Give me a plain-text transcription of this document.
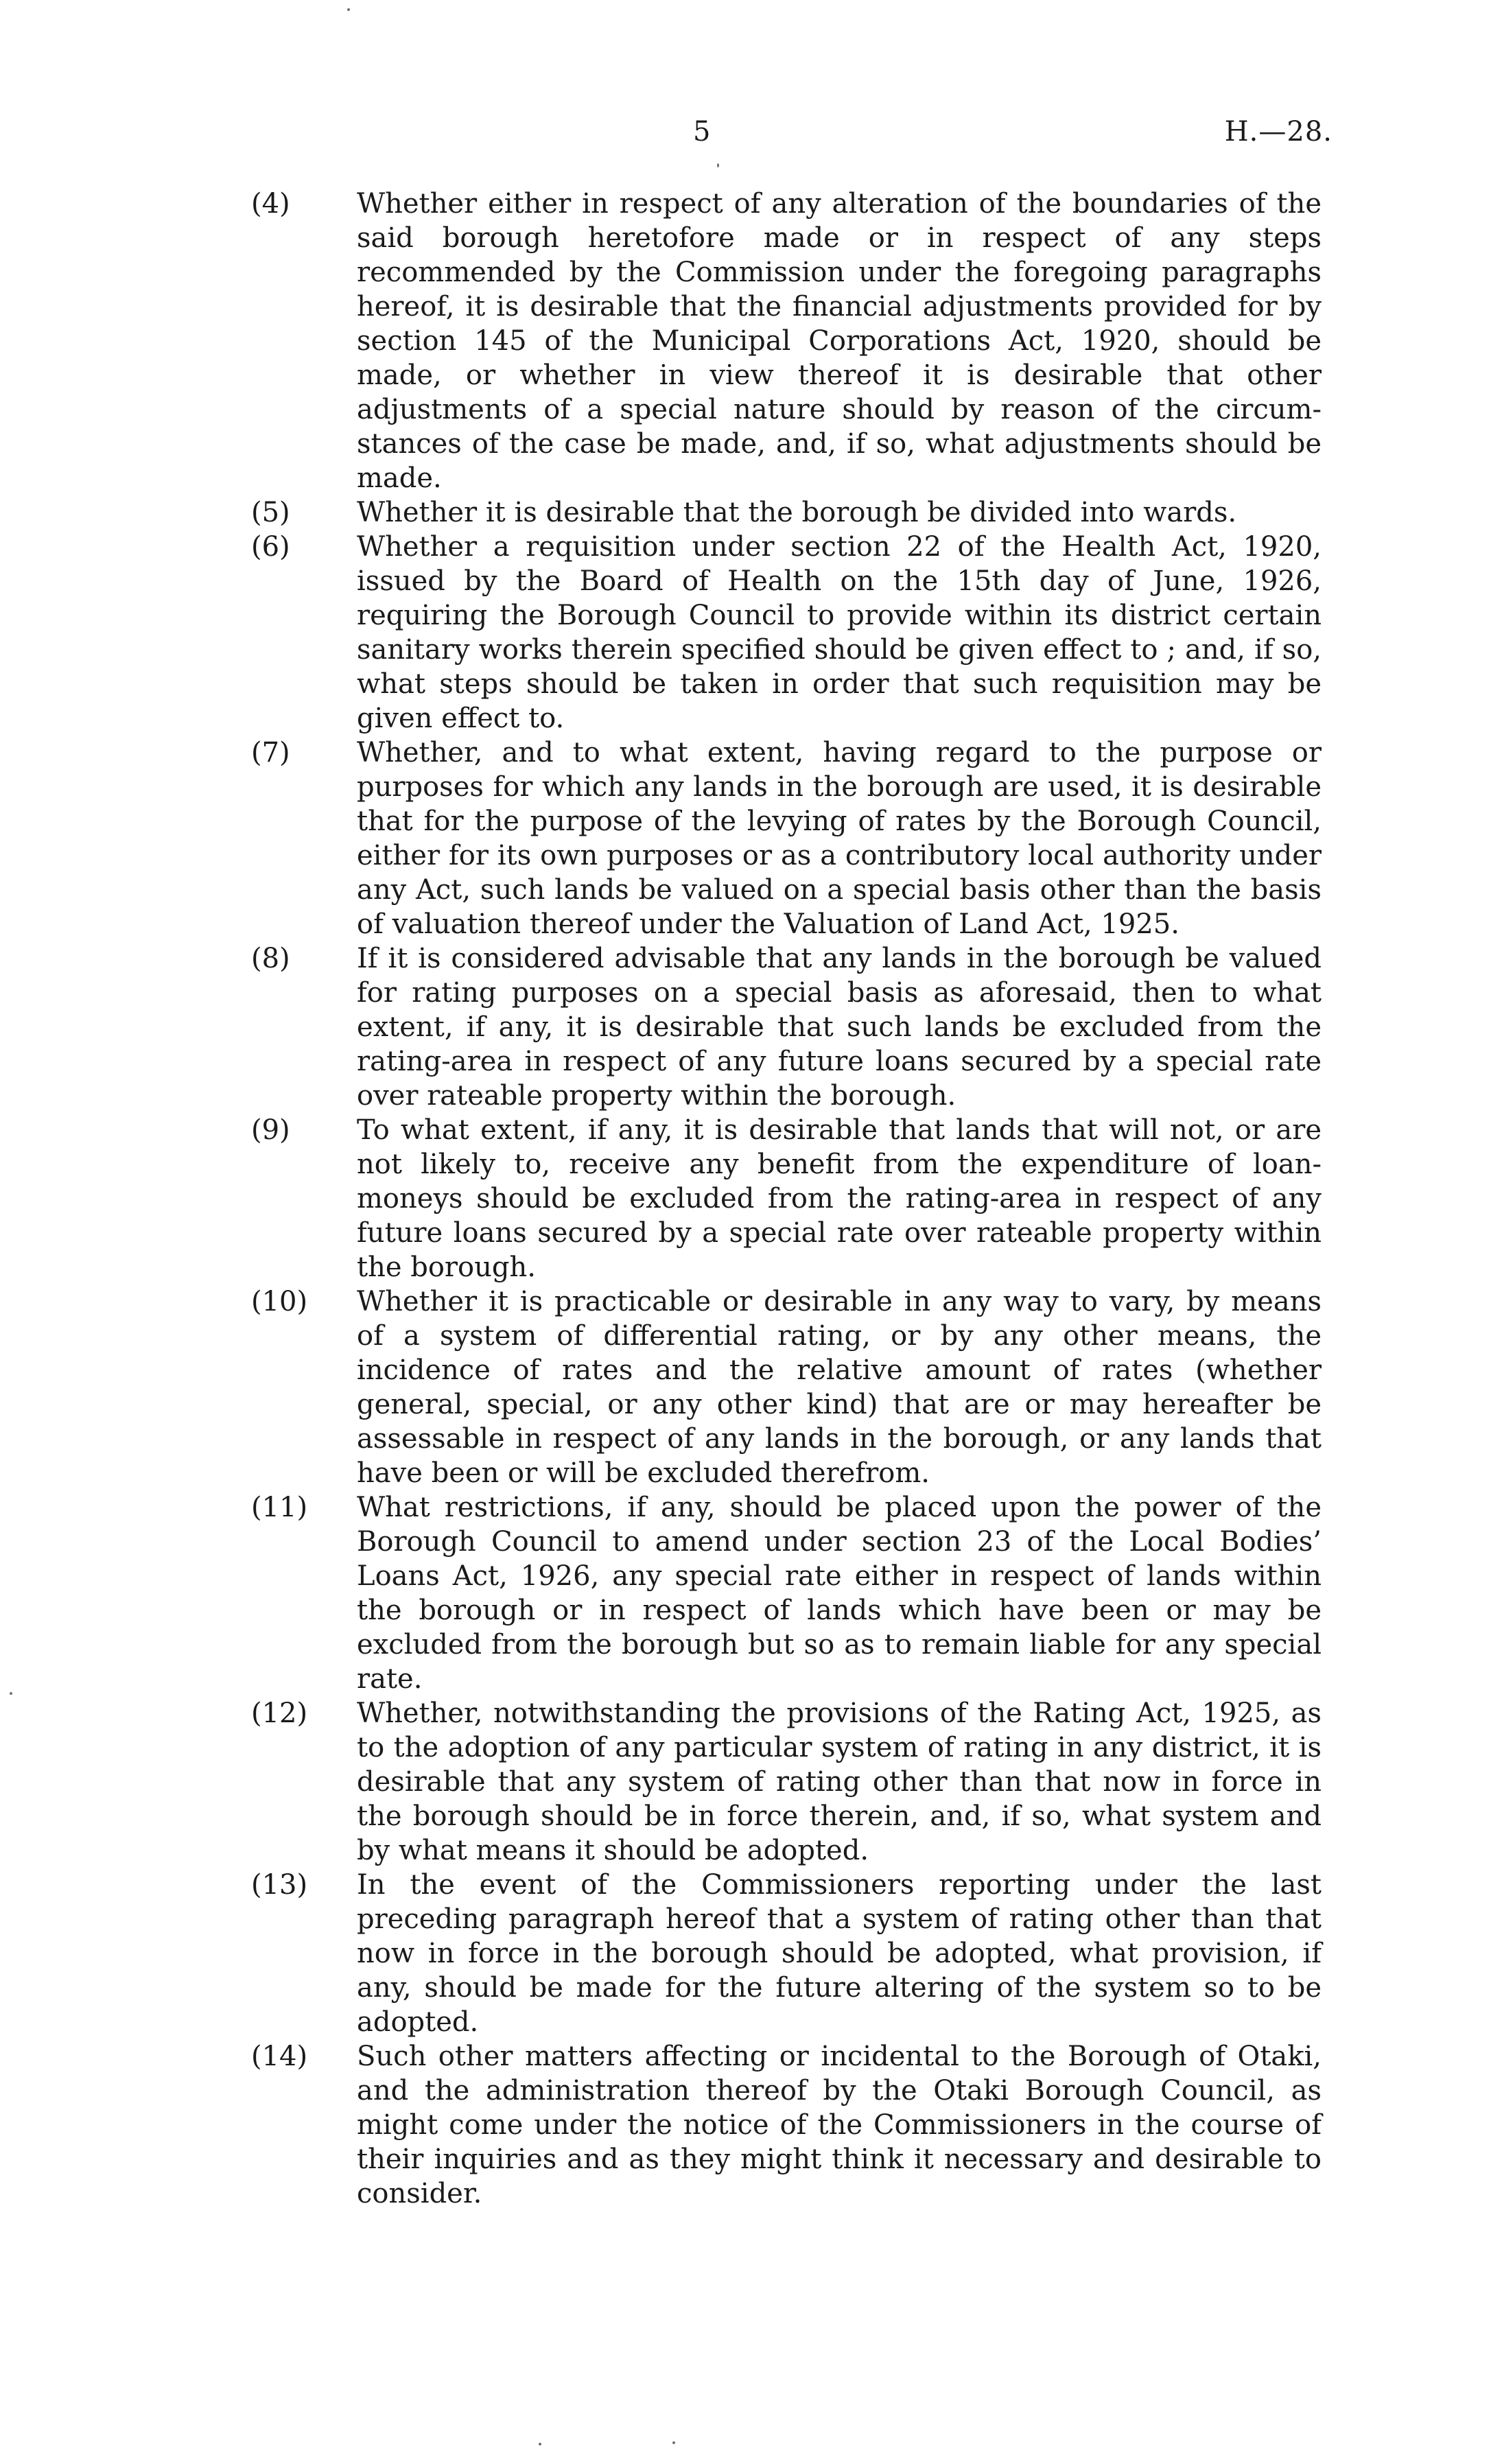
5	H.—28.
(4) Whether either in respect of any alteration of the boundaries of the said borough heretofore made or in respect of any steps recommended by the Commission under the foregoing paragraphs hereof, it is desirable that the financial adjustments provided for by section 145 of the Municipal Corporations Act, 1920, should be made, or whether in view thereof it is desirable that other adjustments of a special nature should by reason of the circumstances of the case be made, and, if so, what adjustments should be made.
(5) Whether it is desirable that the borough be divided into wards.
(6) Whether a requisition under section 22 of the Health Act, 1920, issued by the Board of Health on the 15th day of June, 1926, requiring the Borough Council to provide within its district certain sanitary works therein specified should be given effect to ; and, if so, what steps should be taken in order that such requisition may be given effect to.
(7) Whether, and to what extent, having regard to the purpose or purposes for which any lands in the borough are used, it is desirable that for the purpose of the levying of rates by the Borough Council, either for its own purposes or as a contributory local authority under any Act, such lands be valued on a special basis other than the basis of valuation thereof under the Valuation of Land Act, 1925.
(8) If it is considered advisable that any lands in the borough be valued for rating purposes on a special basis as aforesaid, then to what extent, if any, it is desirable that such lands be excluded from the rating-area in respect of any future loans secured by a special rate over rateable property within the borough.
(9) To what extent, if any, it is desirable that lands that will not, or are not likely to, receive any benefit from the expenditure of loan-moneys should be excluded from the rating-area in respect of any future loans secured by a special rate over rateable property within the borough.
(10) Whether it is practicable or desirable in any way to vary, by means of a system of differential rating, or by any other means, the incidence of rates and the relative amount of rates (whether general, special, or any other kind) that are or may hereafter be assessable in respect of any lands in the borough, or any lands that have been or will be excluded therefrom.
(11) What restrictions, if any, should be placed upon the power of the Borough Council to amend under section 23 of the Local Bodies’ Loans Act, 1926, any special rate either in respect of lands within the borough or in respect of lands which have been or may be excluded from the borough but so as to remain liable for any special rate.
(12) Whether, notwithstanding the provisions of the Rating Act, 1925, as to the adoption of any particular system of rating in any district, it is desirable that any system of rating other than that now in force in the borough should be in force therein, and, if so, what system and by what means it should be adopted.
(13) In the event of the Commissioners reporting under the last preceding paragraph hereof that a system of rating other than that now in force in the borough should be adopted, what provision, if any, should be made for the future altering of the system so to be adopted.
(14) Such other matters affecting or incidental to the Borough of Otaki, and the administration thereof by the Otaki Borough Council, as might come under the notice of the Commissioners in the course of their inquiries and as they might think it necessary and desirable to consider.
